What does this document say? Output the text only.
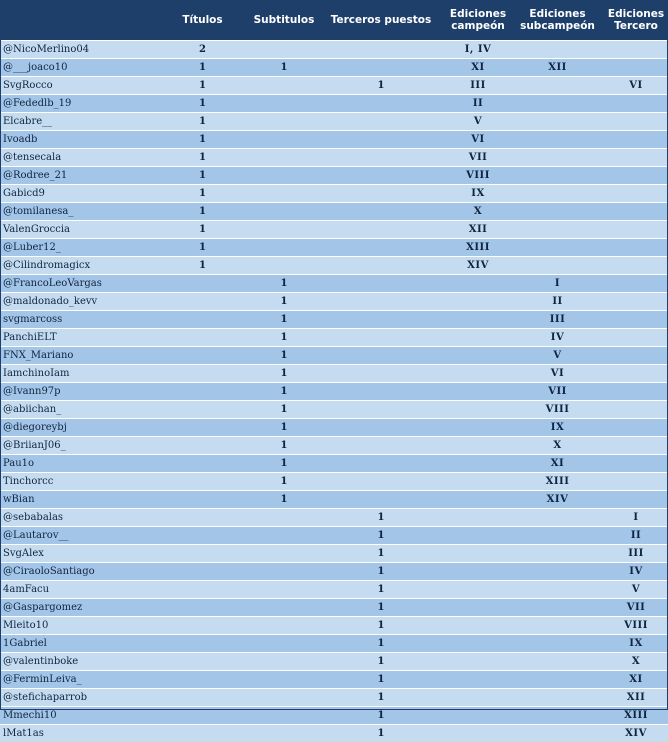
	Títulos	Subtitulos	Terceros puestos	Ediciones campeón	Ediciones subcampeón	Ediciones Tercero
@NicoMerlino04	2			I, IV		
@___joaco10	1	1		XI	XII	
SvgRocco	1		1	III		VI
@Fededlb_19	1			II		
Elcabre__	1			V		
Ivoadb	1			VI		
@tensecala	1			VII		
@Rodree_21	1			VIII		
Gabicd9	1			IX		
@tomilanesa_	1			X		
ValenGroccia	1			XII		
@Luber12_	1			XIII		
@Cilindromagicx	1			XIV		
@FrancoLeoVargas		1			I	
@maldonado_kevv		1			II	
svgmarcoss		1			III	
PanchiELT		1			IV	
FNX_Mariano		1			V	
IamchinoIam		1			VI	
@Ivann97p		1			VII	
@abiichan_		1			VIII	
@diegoreybj		1			IX	
@BriianJ06_		1			X	
Pau1o		1			XI	
Tinchorcc		1			XIII	
wBian		1			XIV	
@sebabalas			1			I
@Lautarov__			1			II
SvgAlex			1			III
@CiraoloSantiago			1			IV
4amFacu			1			V
@Gaspargomez			1			VII
Mleito10			1			VIII
1Gabriel			1			IX
@valentinboke			1			X
@FerminLeiva_			1			XI
@stefichaparrob			1			XII
Mmechi10			1			XIII
lMat1as			1			XIV
